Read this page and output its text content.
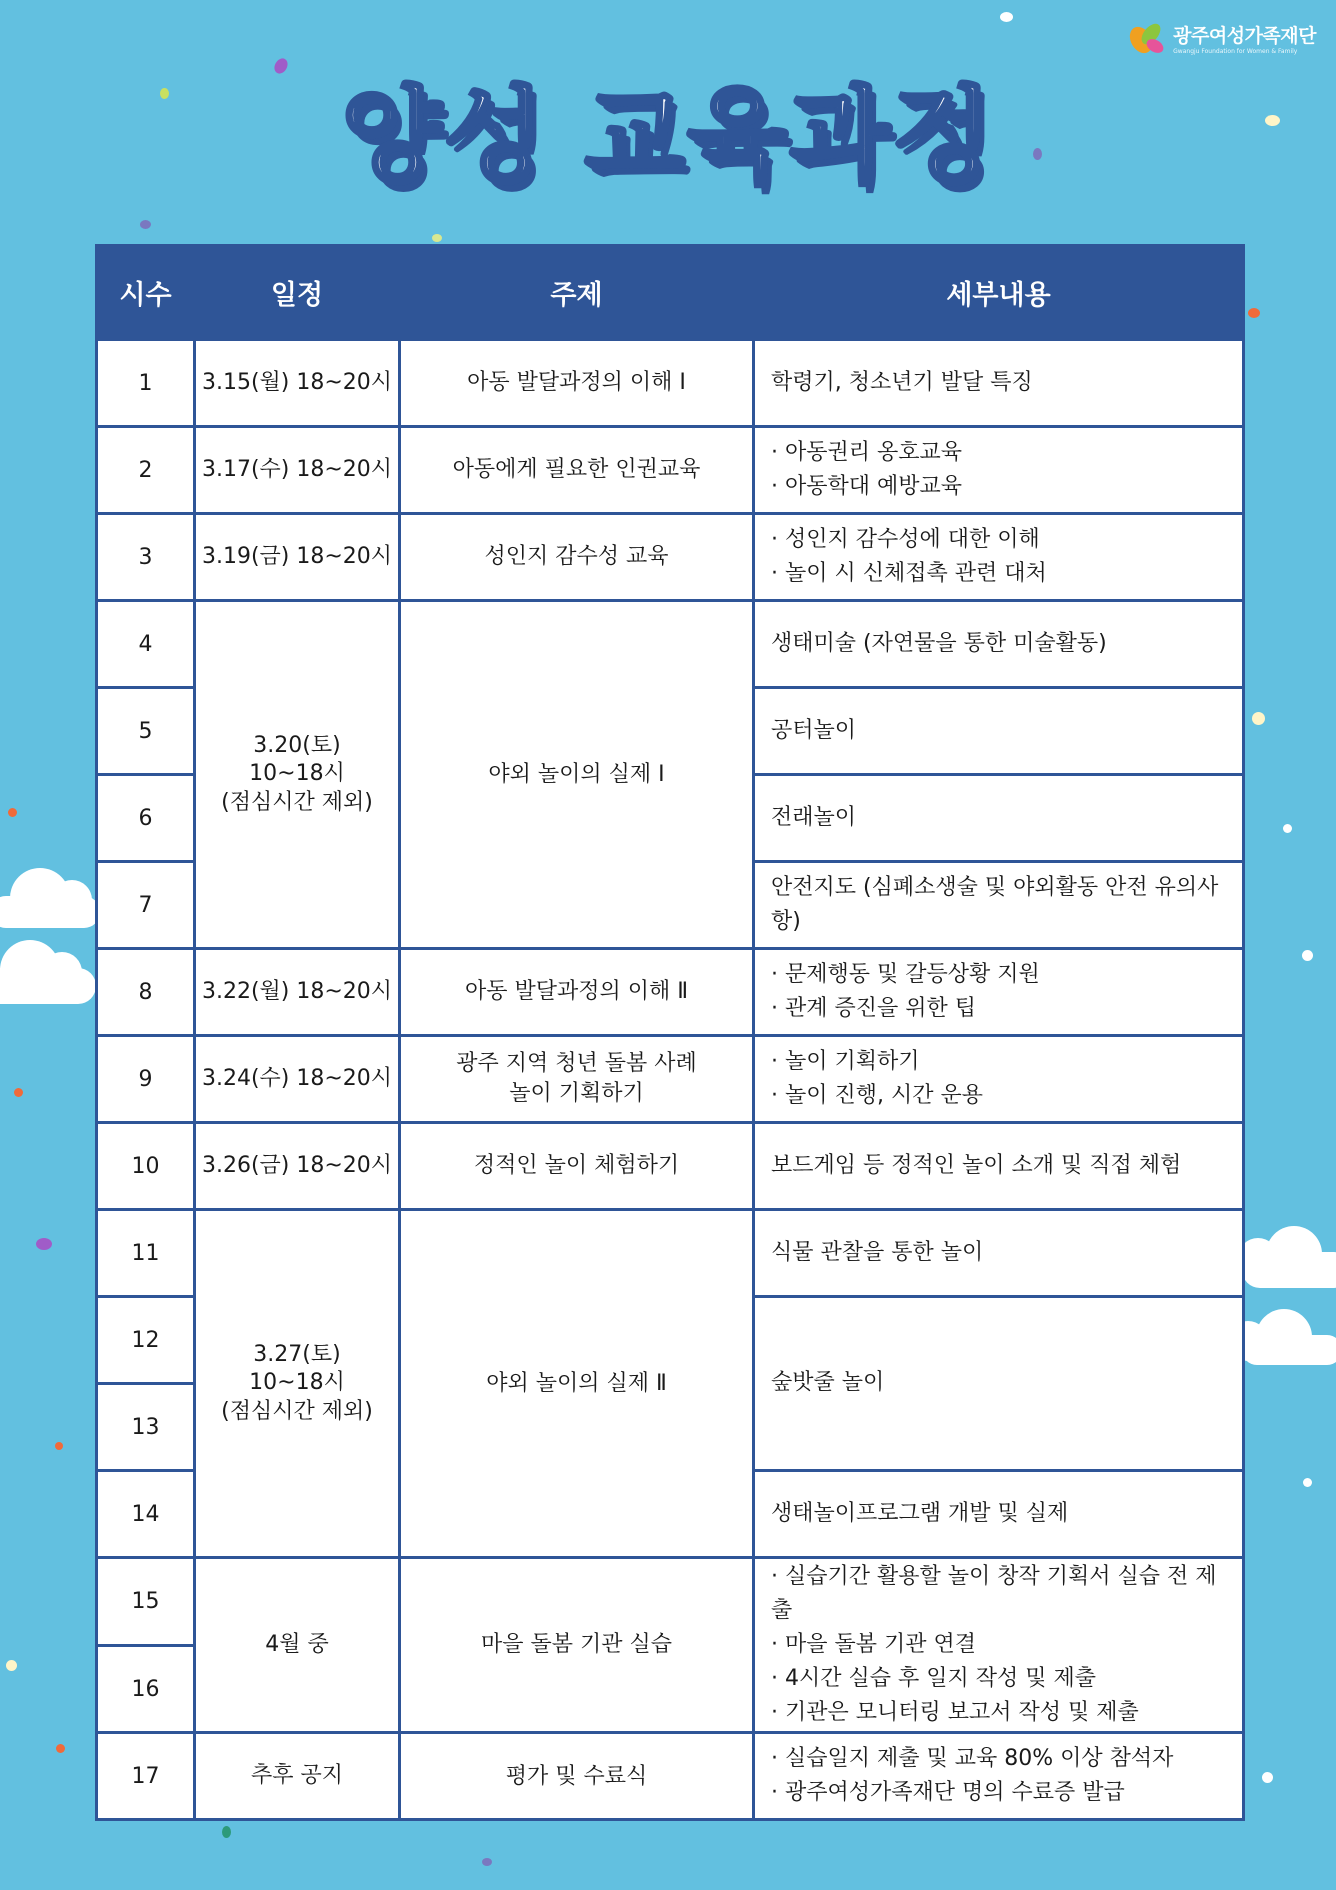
광주여성가족재단
Gwangju Foundation for Women & Family
양성 교육과정
시수	일정	주제	세부내용
1	3.15(월) 18~20시	아동 발달과정의 이해 Ⅰ	학령기, 청소년기 발달 특징

2	3.17(수) 18~20시	아동에게 필요한 인권교육	· 아동권리 옹호교육
· 아동학대 예방교육

3	3.19(금) 18~20시	성인지 감수성 교육	· 성인지 감수성에 대한 이해
· 놀이 시 신체접촉 관련 대처

4	3.20(토)
10~18시
(점심시간 제외)	야외 놀이의 실제 Ⅰ	생태미술 (자연물을 통한 미술활동)

5			공터놀이

6			전래놀이

7			안전지도 (심폐소생술 및 야외활동 안전 유의사항)

8	3.22(월) 18~20시	아동 발달과정의 이해 Ⅱ	· 문제행동 및 갈등상황 지원
· 관계 증진을 위한 팁

9	3.24(수) 18~20시	광주 지역 청년 돌봄 사례
놀이 기획하기	· 놀이 기획하기
· 놀이 진행, 시간 운용

10	3.26(금) 18~20시	정적인 놀이 체험하기	보드게임 등 정적인 놀이 소개 및 직접 체험

11	3.27(토)
10~18시
(점심시간 제외)	야외 놀이의 실제 Ⅱ	식물 관찰을 통한 놀이

12			숲밧줄 놀이

13			
14			생태놀이프로그램 개발 및 실제

15	4월 중	마을 돌봄 기관 실습	· 실습기간 활용할 놀이 창작 기획서 실습 전 제출
· 마을 돌봄 기관 연결
· 4시간 실습 후 일지 작성 및 제출
· 기관은 모니터링 보고서 작성 및 제출

16			
17	추후 공지	평가 및 수료식	· 실습일지 제출 및 교육 80% 이상 참석자
· 광주여성가족재단 명의 수료증 발급
